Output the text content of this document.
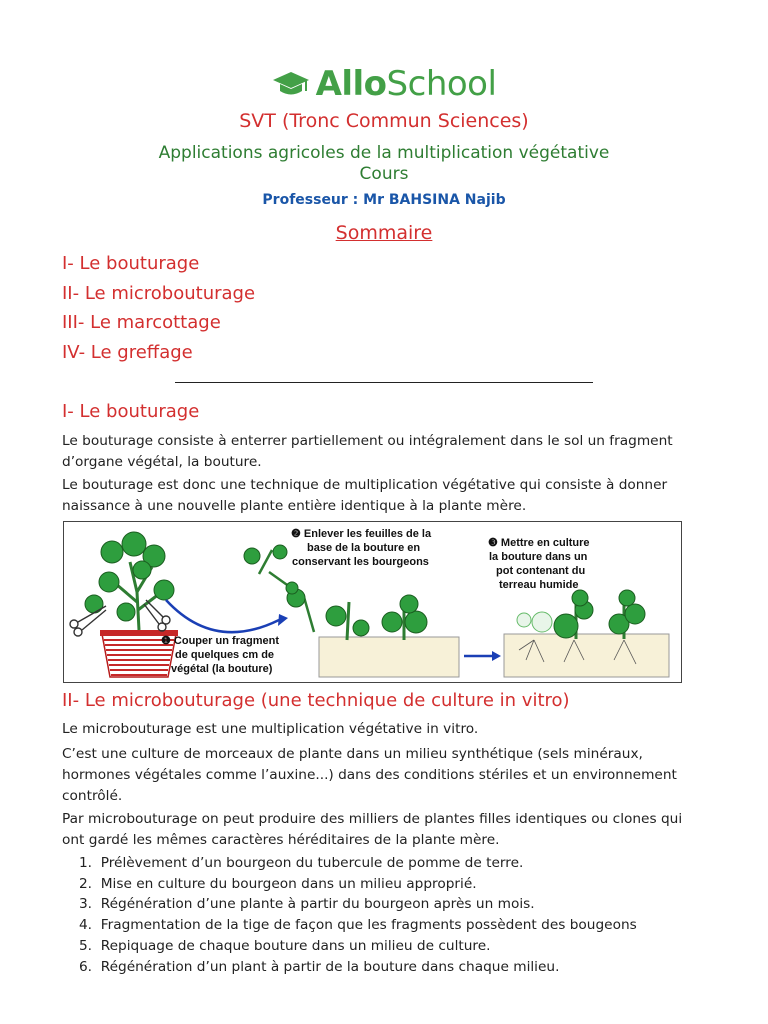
AlloSchool
SVT (Tronc Commun Sciences)
Applications agricoles de la multiplication végétative
Cours
Professeur : Mr BAHSINA Najib
Sommaire
I- Le bouturage
II- Le microbouturage
III- Le marcottage
IV- Le greffage
I- Le bouturage
Le bouturage consiste à enterrer partiellement ou intégralement dans le sol un fragment d’organe végétal, la bouture.
Le bouturage est donc une technique de multiplication végétative qui consiste à donner naissance à une nouvelle plante entière identique à la plante mère.
❶ Couper un fragment de quelques cm de végétal (la bouture)
❷ Enlever les feuilles de la base de la bouture en conservant les bourgeons
❸ Mettre en culture la bouture dans un pot contenant du terreau humide
II- Le microbouturage (une technique de culture in vitro)
Le microbouturage est une multiplication végétative in vitro.
C’est une culture de morceaux de plante dans un milieu synthétique (sels minéraux, hormones végétales comme l’auxine...) dans des conditions stériles et un environnement contrôlé.
Par microbouturage on peut produire des milliers de plantes filles identiques ou clones qui ont gardé les mêmes caractères héréditaires de la plante mère.
1.
Prélèvement d’un bourgeon du tubercule de pomme de terre.
2.
Mise en culture du bourgeon dans un milieu approprié.
3.
Régénération d’une plante à partir du bourgeon après un mois.
4.
Fragmentation de la tige de façon que les fragments possèdent des bougeons
5.
Repiquage de chaque bouture dans un milieu de culture.
6.
Régénération d’un plant à partir de la bouture dans chaque milieu.
